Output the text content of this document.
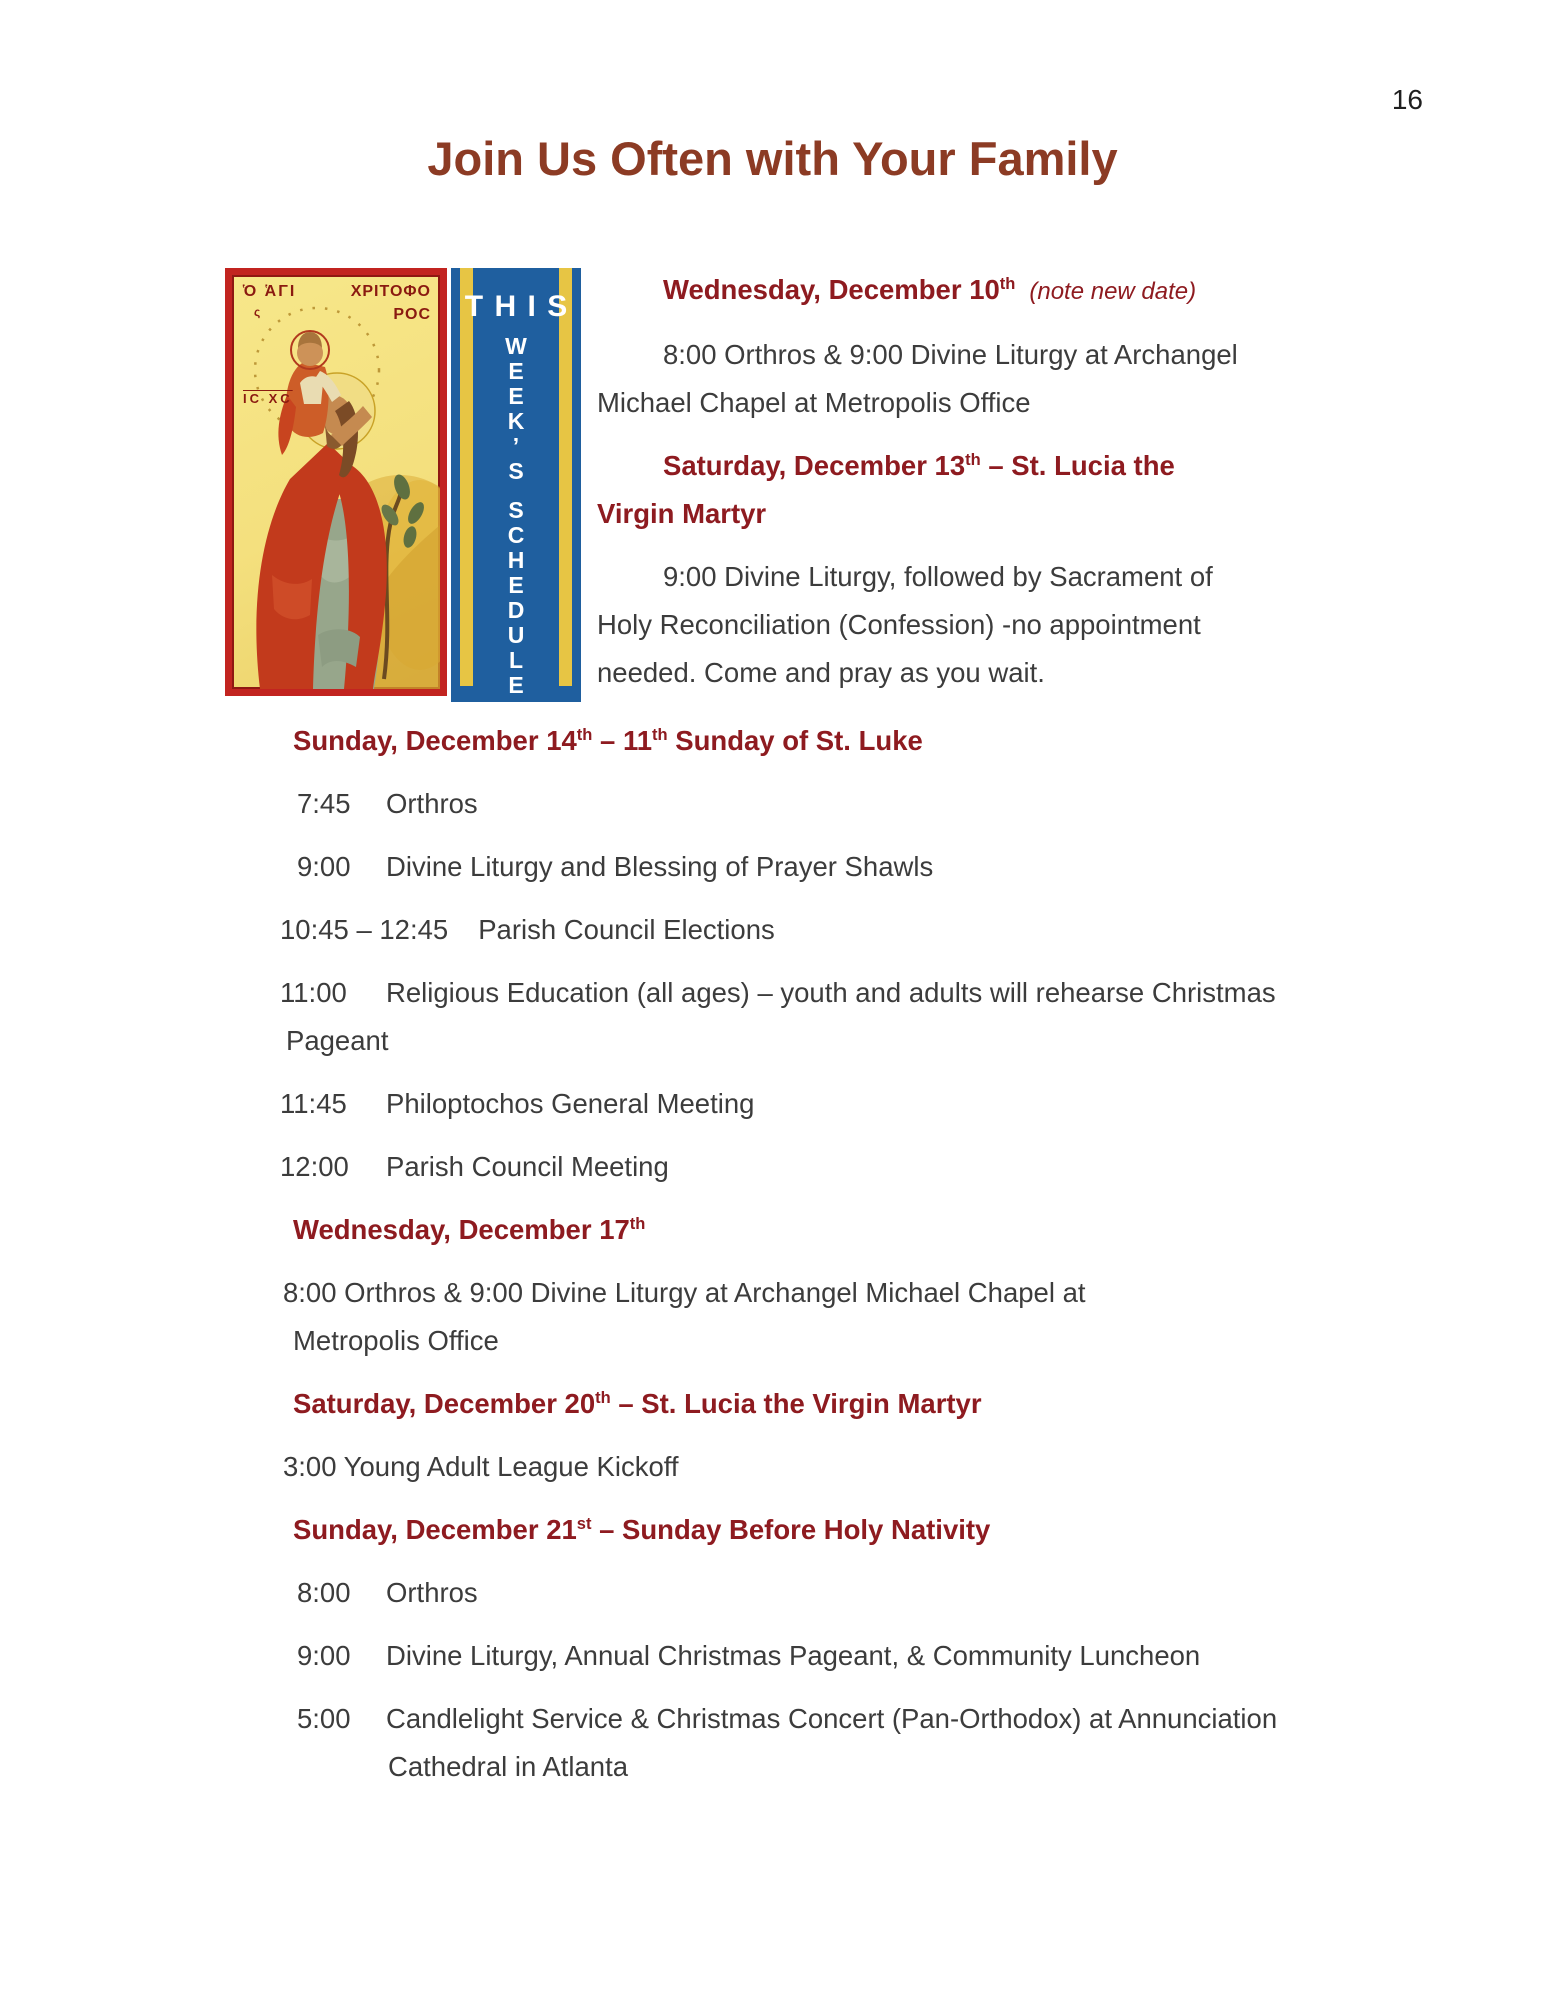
16
Join Us Often with Your Family
Ὁ ἉΓΙ
ς
ΙϹ ΧϹ
ΧΡΙΤΟΦΟ
ΡΟϹ	THIS
W
E
E
K
’
S
S
C
H
E
D
U
L
E

Wednesday, December 10th (note new date)

8:00 Orthros & 9:00 Divine Liturgy at Archangel
Michael Chapel at Metropolis Office

Saturday, December 13th – St. Lucia the
Virgin Martyr

9:00 Divine Liturgy, followed by Sacrament of
Holy Reconciliation (Confession) -no appointment
needed. Come and pray as you wait.

Sunday, December 14th – 11th Sunday of St. Luke

7:45 Orthros

9:00 Divine Liturgy and Blessing of Prayer Shawls

10:45 – 12:45 Parish Council Elections

11:00 Religious Education (all ages) – youth and adults will rehearse Christmas
Pageant

11:45 Philoptochos General Meeting

12:00 Parish Council Meeting

Wednesday, December 17th

8:00 Orthros & 9:00 Divine Liturgy at Archangel Michael Chapel at
Metropolis Office

Saturday, December 20th – St. Lucia the Virgin Martyr

3:00 Young Adult League Kickoff

Sunday, December 21st – Sunday Before Holy Nativity

8:00 Orthros

9:00 Divine Liturgy, Annual Christmas Pageant, & Community Luncheon

5:00 Candlelight Service & Christmas Concert (Pan-Orthodox) at Annunciation
Cathedral in Atlanta
